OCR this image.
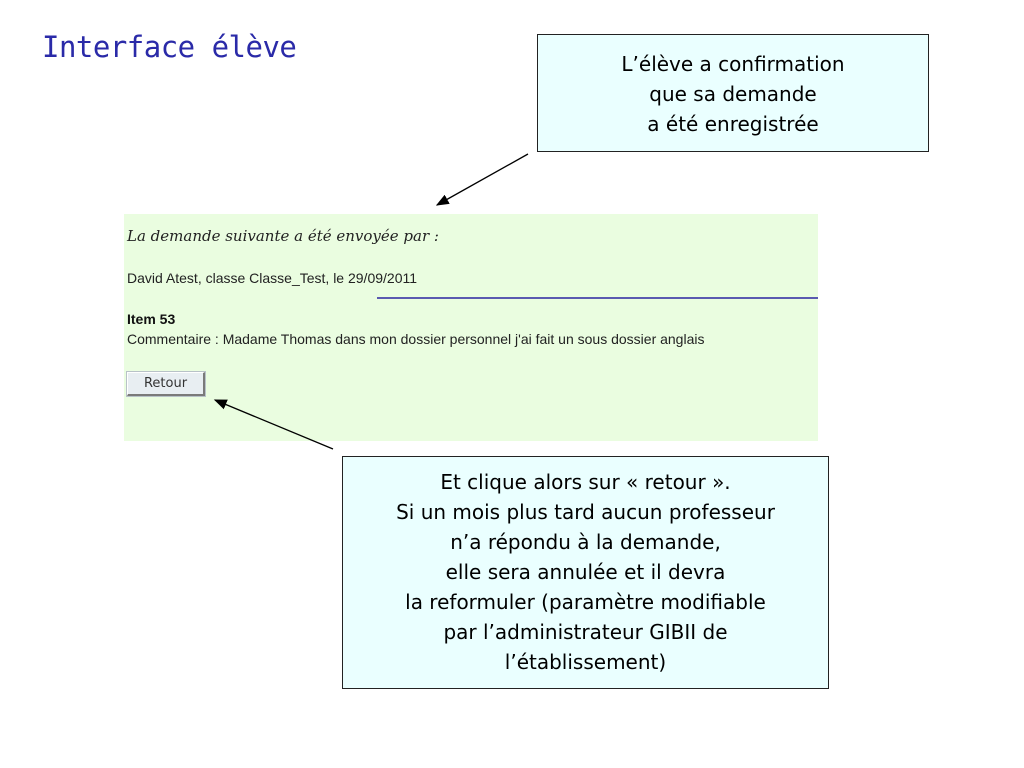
Interface élève	L’élève a confirmation
que sa demande
a été enregistrée
La demande suivante a été envoyée par :
David Atest, classe Classe_Test, le 29/09/2011
Item 53
Commentaire : Madame Thomas dans mon dossier personnel j'ai fait un sous dossier anglais
Retour
Et clique alors sur « retour ».
Si un mois plus tard aucun professeur
n’a répondu à la demande,
elle sera annulée et il devra
la reformuler (paramètre modifiable
par l’administrateur GIBII de
l’établissement)
